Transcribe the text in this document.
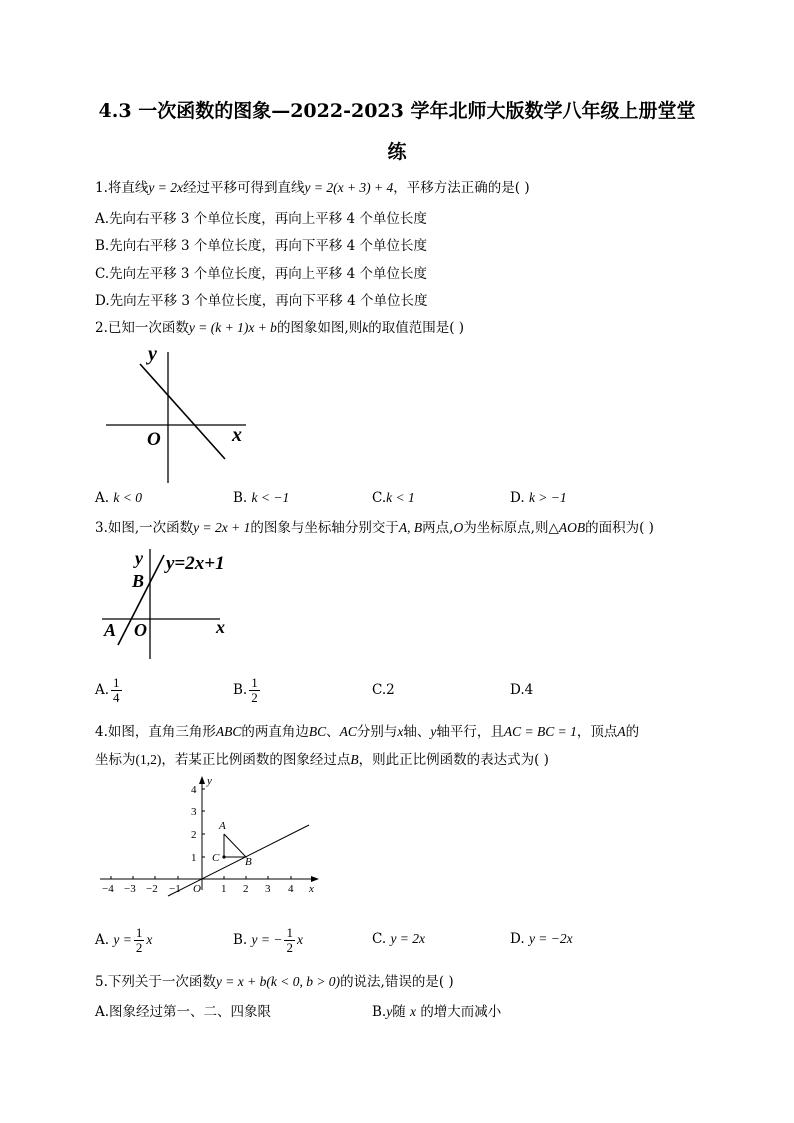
4.3 一次函数的图象—2022-2023 学年北师大版数学八年级上册堂堂
练
1.将直线y = 2x经过平移可得到直线y = 2(x + 3) + 4，平移方法正确的是( )
A.先向右平移 3 个单位长度，再向上平移 4 个单位长度
B.先向右平移 3 个单位长度，再向下平移 4 个单位长度
C.先向左平移 3 个单位长度，再向上平移 4 个单位长度
D.先向左平移 3 个单位长度，再向下平移 4 个单位长度
2.已知一次函数y = (k + 1)x + b的图象如图,则k的取值范围是( )
y
x
O
A. k < 0	B. k < −1	C.k < 1	D. k > −1
3.如图,一次函数y = 2x + 1的图象与坐标轴分别交于A, B两点,O为坐标原点,则△AOB的面积为( )
y y=2x+1
B
A O	x
A. $\frac{1}{4}$	B. $\frac{1}{2}$	C.2	D.4
4.如图，直角三角形ABC的两直角边BC、AC分别与x轴、y轴平行，且AC = BC = 1，顶点A的
坐标为(1,2)，若某正比例函数的图象经过点B，则此正比例函数的表达式为( )
−4 −3 −2 −1 O 1 2 3 4 x
1
2
3
4
y
A
C B
A. $y = \frac{1}{2}$ x	B. y = − $\frac{1}{2}$ x	C. y = 2x	D. y = −2x
5.下列关于一次函数y = x + b(k < 0, b > 0)的说法,错误的是( )
A.图象经过第一、二、四象限	B.y随 x 的增大而减小
